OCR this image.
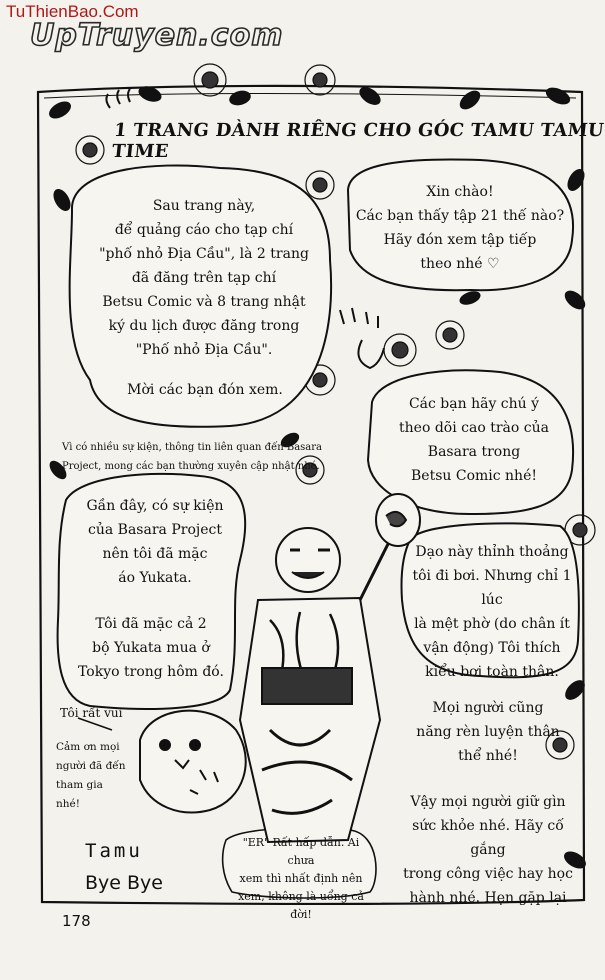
TuThienBao.Com
UpTruyen.com
1 TRANG DÀNH RIÊNG CHO GÓC TAMU TAMU TIME
Sau trang này,
để quảng cáo cho tạp chí
"phố nhỏ Địa Cầu", là 2 trang
đã đăng trên tạp chí
Betsu Comic và 8 trang nhật
ký du lịch được đăng trong
"Phố nhỏ Địa Cầu".
Mời các bạn đón xem.
Xin chào!
Các bạn thấy tập 21 thế nào?
Hãy đón xem tập tiếp
theo nhé ♡
Các bạn hãy chú ý
theo dõi cao trào của
Basara trong
Betsu Comic nhé!
Gần đây, có sự kiện
của Basara Project
nên tôi đã mặc
áo Yukata.
Tôi đã mặc cả 2
bộ Yukata mua ở
Tokyo trong hôm đó.
Dạo này thỉnh thoảng
tôi đi bơi. Nhưng chỉ 1 lúc
là mệt phờ (do chân ít
vận động) Tôi thích
kiểu bơi toàn thân.
"ER" Rất hấp dẫn. Ai chưa
xem thì nhất định nên
xem, không là uổng cả đời!
Vì có nhiều sự kiện, thông tin liên quan đến Basara
Project, mong các bạn thường xuyên cập nhật nhé.
Tôi rất vui
Cảm ơn mọi
người đã đến
tham gia
nhé!
Mọi người cũng
năng rèn luyện thân
thể nhé!
Vậy mọi người giữ gìn
sức khỏe nhé. Hãy cố gắng
trong công việc hay học
hành nhé. Hẹn gặp lại
Tamu
Bye Bye
178
